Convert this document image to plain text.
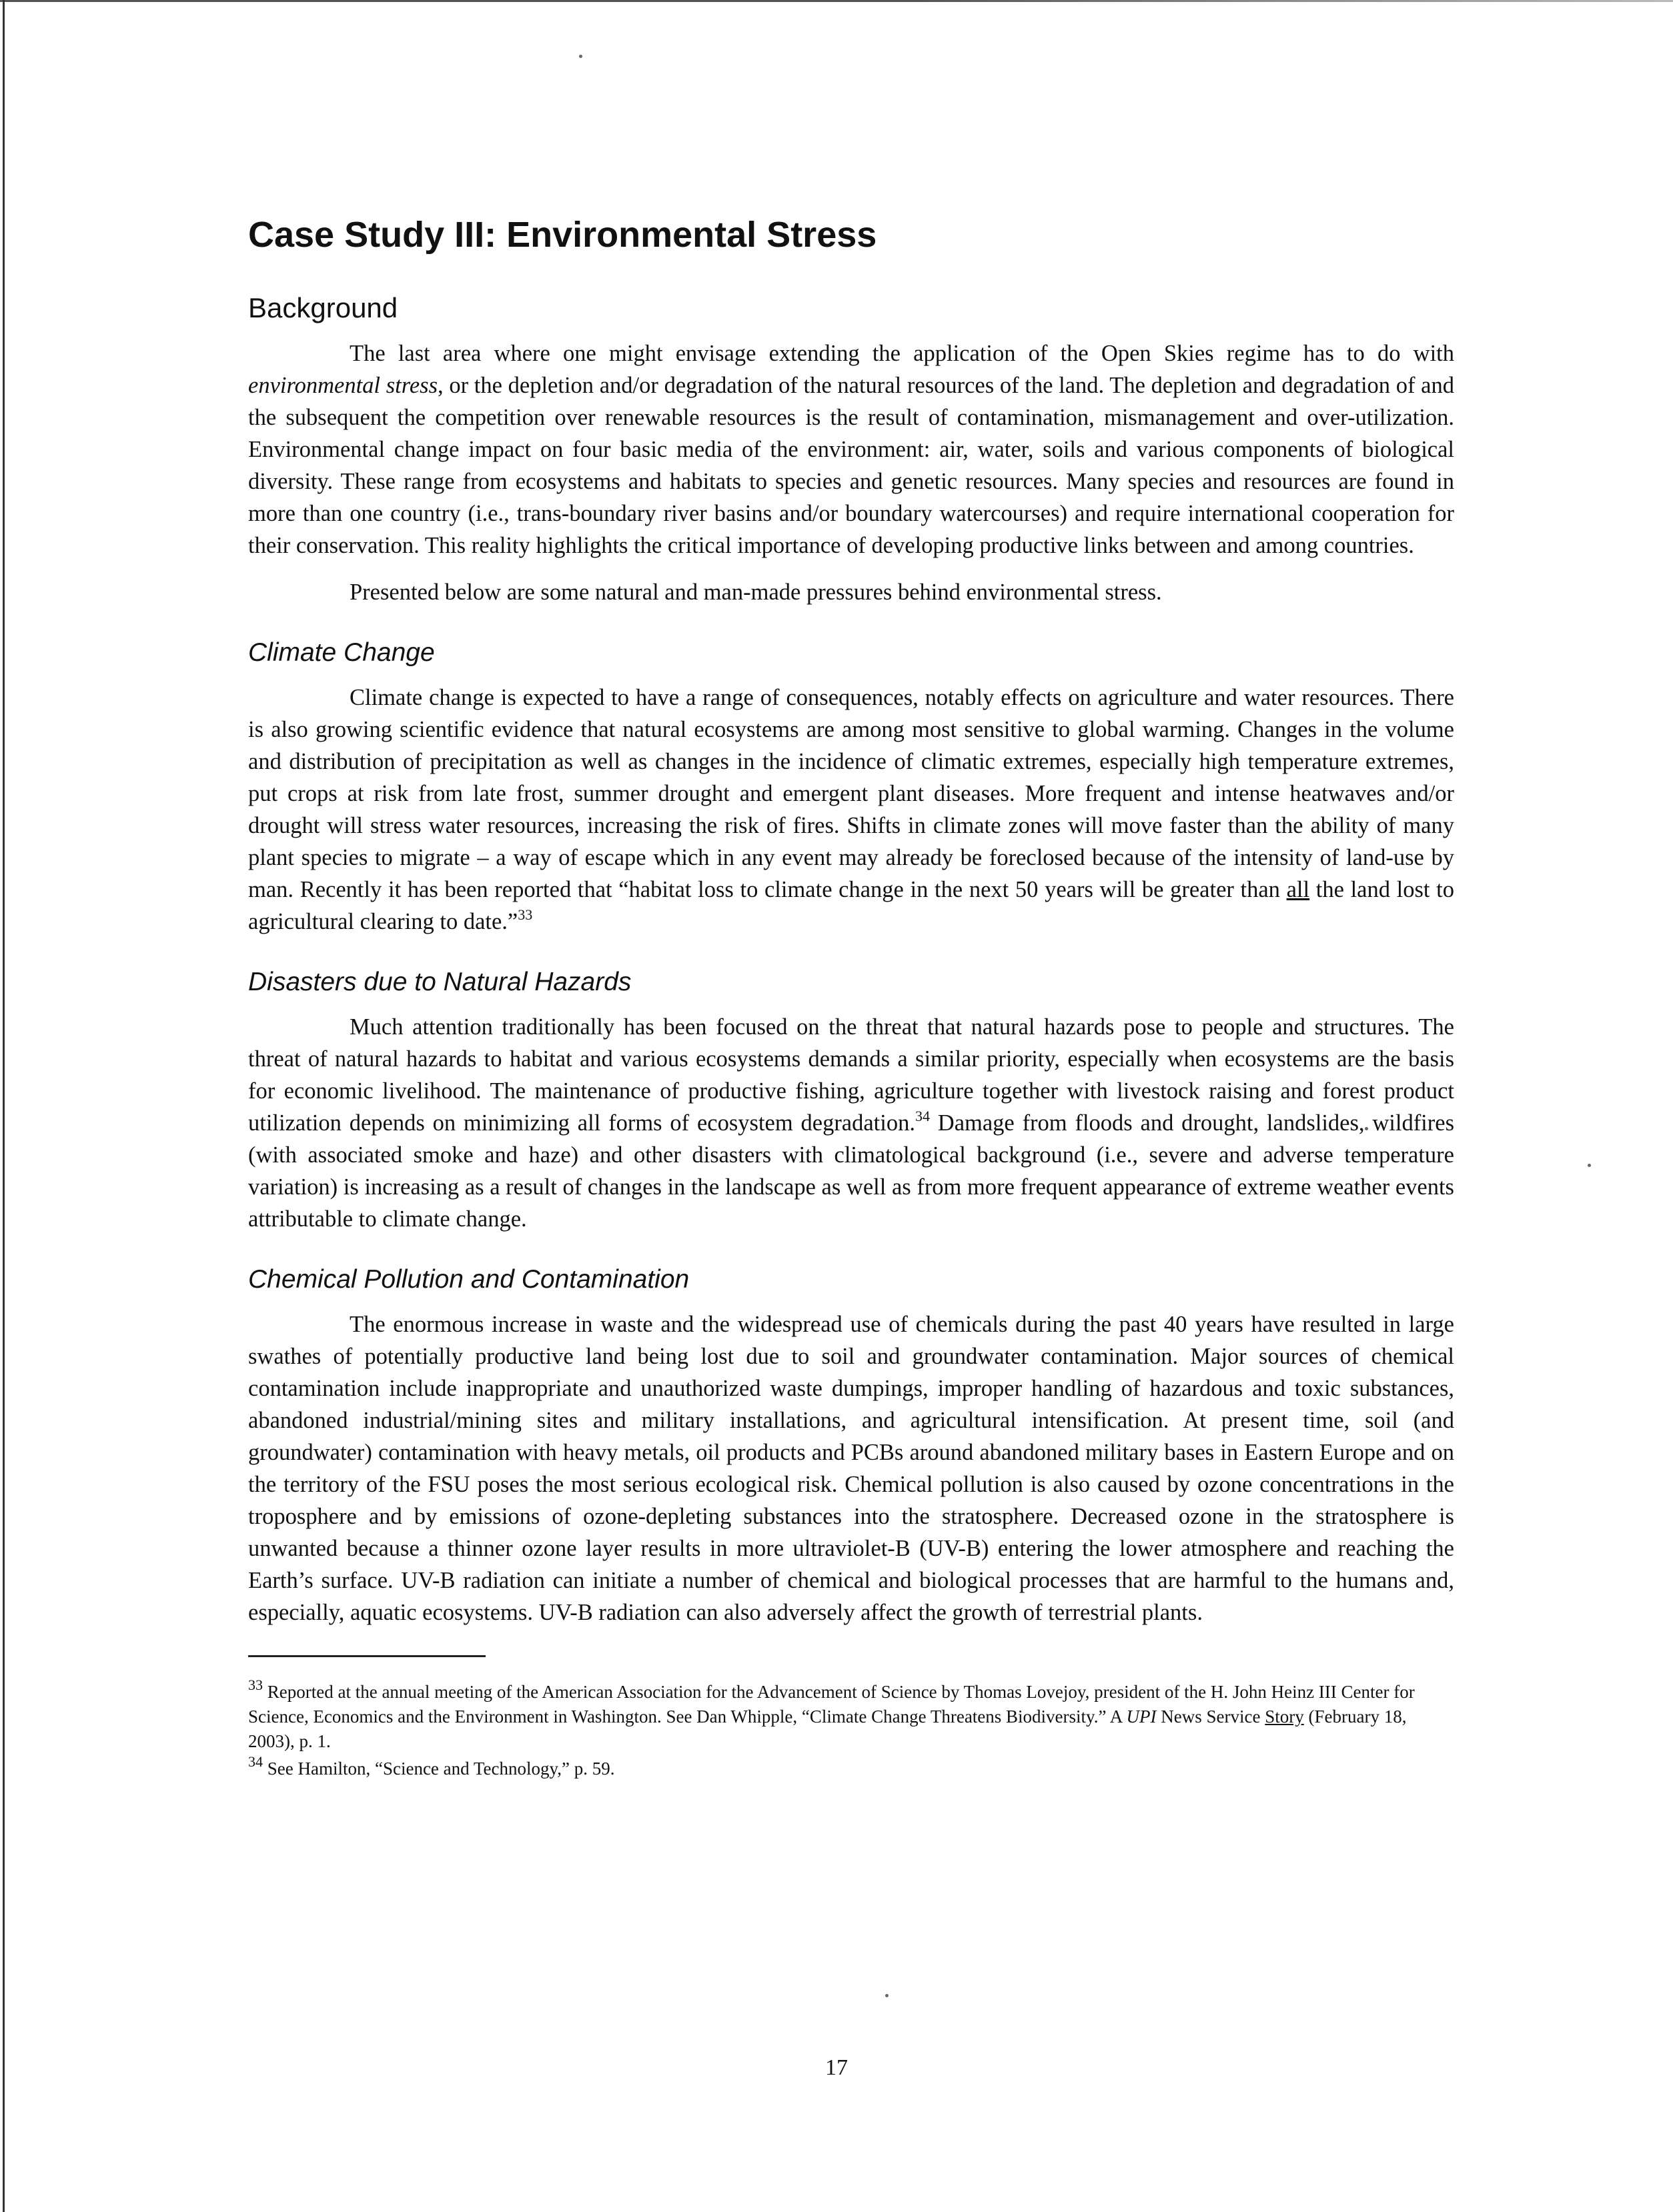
Case Study III: Environmental Stress
Background

The last area where one might envisage extending the application of the Open Skies regime has to do with environmental stress, or the depletion and/or degradation of the natural resources of the land. The depletion and degradation of and the subsequent the competition over renewable resources is the result of contamination, mismanagement and over-utilization. Environmental change impact on four basic media of the environment: air, water, soils and various components of biological diversity. These range from ecosystems and habitats to species and genetic resources. Many species and resources are found in more than one country (i.e., trans-boundary river basins and/or boundary watercourses) and require international cooperation for their conservation. This reality highlights the critical importance of developing productive links between and among countries.

Presented below are some natural and man-made pressures behind environmental stress.

Climate Change

Climate change is expected to have a range of consequences, notably effects on agriculture and water resources. There is also growing scientific evidence that natural ecosystems are among most sensitive to global warming. Changes in the volume and distribution of precipitation as well as changes in the incidence of climatic extremes, especially high temperature extremes, put crops at risk from late frost, summer drought and emergent plant diseases. More frequent and intense heatwaves and/or drought will stress water resources, increasing the risk of fires. Shifts in climate zones will move faster than the ability of many plant species to migrate – a way of escape which in any event may already be foreclosed because of the intensity of land-use by man. Recently it has been reported that “habitat loss to climate change in the next 50 years will be greater than all the land lost to agricultural clearing to date.”$^{33}$

Disasters due to Natural Hazards

Much attention traditionally has been focused on the threat that natural hazards pose to people and structures. The threat of natural hazards to habitat and various ecosystems demands a similar priority, especially when ecosystems are the basis for economic livelihood. The maintenance of productive fishing, agriculture together with livestock raising and forest product utilization depends on minimizing all forms of ecosystem degradation.$^{34}$ Damage from floods and drought, landslides, wildfires (with associated smoke and haze) and other disasters with climatological background (i.e., severe and adverse temperature variation) is increasing as a result of changes in the landscape as well as from more frequent appearance of extreme weather events attributable to climate change.

Chemical Pollution and Contamination

The enormous increase in waste and the widespread use of chemicals during the past 40 years have resulted in large swathes of potentially productive land being lost due to soil and groundwater contamination. Major sources of chemical contamination include inappropriate and unauthorized waste dumpings, improper handling of hazardous and toxic substances, abandoned industrial/mining sites and military installations, and agricultural intensification. At present time, soil (and groundwater) contamination with heavy metals, oil products and PCBs around abandoned military bases in Eastern Europe and on the territory of the FSU poses the most serious ecological risk. Chemical pollution is also caused by ozone concentrations in the troposphere and by emissions of ozone-depleting substances into the stratosphere. Decreased ozone in the stratosphere is unwanted because a thinner ozone layer results in more ultraviolet-B (UV-B) entering the lower atmosphere and reaching the Earth’s surface. UV-B radiation can initiate a number of chemical and biological processes that are harmful to the humans and, especially, aquatic ecosystems. UV-B radiation can also adversely affect the growth of terrestrial plants.

$^{33}$ Reported at the annual meeting of the American Association for the Advancement of Science by Thomas Lovejoy, president of the H. John Heinz III Center for Science, Economics and the Environment in Washington. See Dan Whipple, “Climate Change Threatens Biodiversity.” A UPI News Service Story (February 18, 2003), p. 1.

$^{34}$ See Hamilton, “Science and Technology,” p. 59.

17
